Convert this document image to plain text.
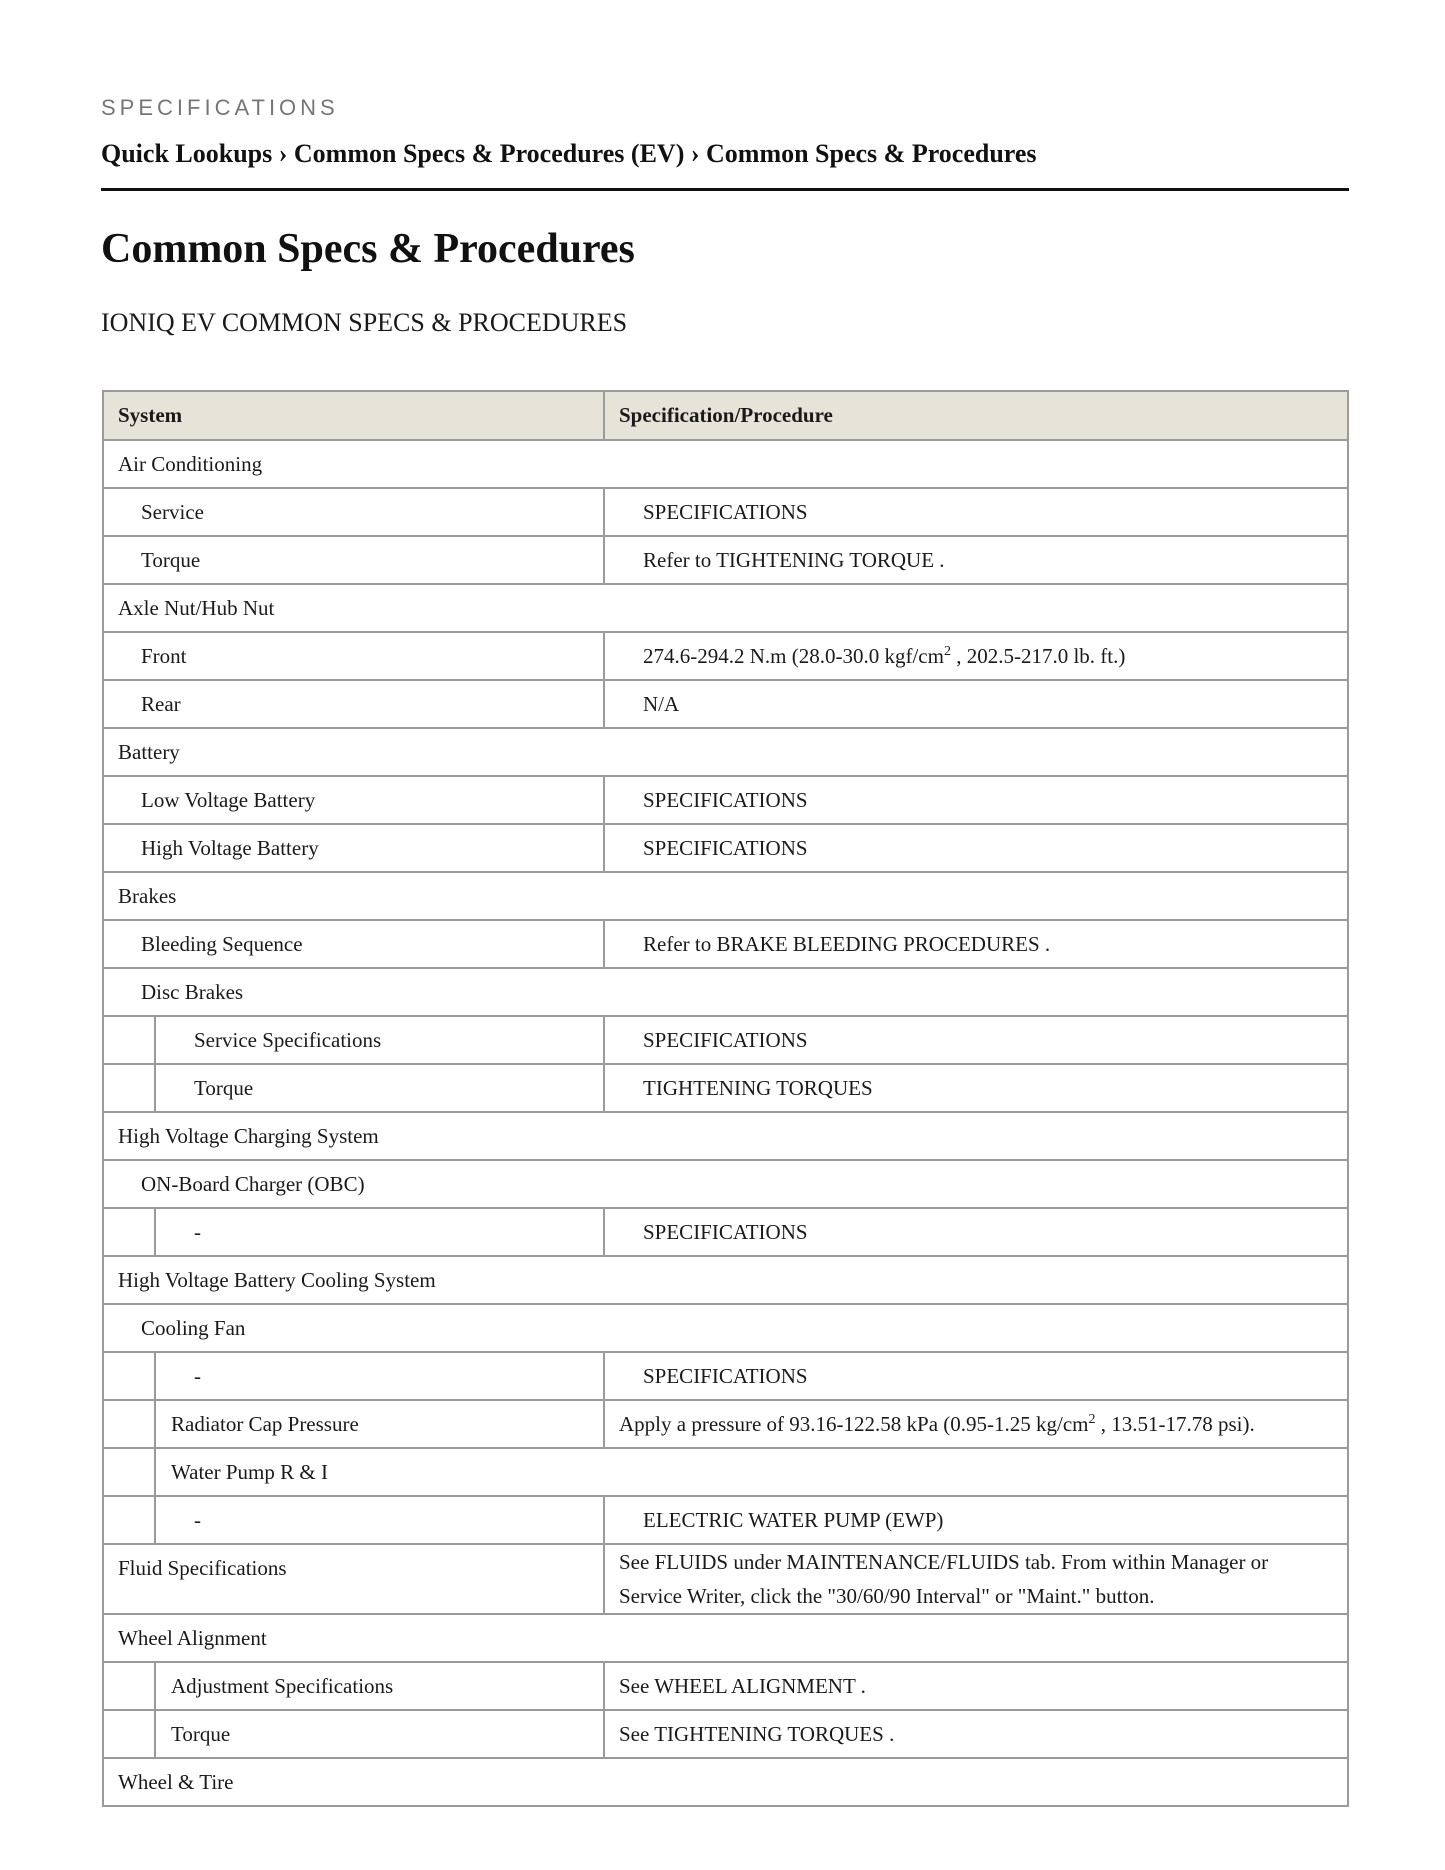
SPECIFICATIONS
Quick Lookups › Common Specs & Procedures (EV) › Common Specs & Procedures
Common Specs & Procedures
IONIQ EV COMMON SPECS & PROCEDURES
System		Specification/Procedure
Air Conditioning		
Service		SPECIFICATIONS
Torque		Refer to TIGHTENING TORQUE .
Axle Nut/Hub Nut		
Front		274.6-294.2 N.m (28.0-30.0 kgf/$cm^2$ , 202.5-217.0 lb. ft.)
Rear		N/A
Battery		
Low Voltage Battery		SPECIFICATIONS
High Voltage Battery		SPECIFICATIONS
Brakes		
Bleeding Sequence		Refer to BRAKE BLEEDING PROCEDURES .
Disc Brakes		
	Service Specifications	SPECIFICATIONS
	Torque	TIGHTENING TORQUES
High Voltage Charging System		
ON-Board Charger (OBC)		
	-	SPECIFICATIONS
High Voltage Battery Cooling System		
Cooling Fan		
	-	SPECIFICATIONS
	Radiator Cap Pressure	Apply a pressure of 93.16-122.58 kPa (0.95-1.25 $kg/cm^2$ , 13.51-17.78 psi).
	Water Pump R & I	
	-	ELECTRIC WATER PUMP (EWP)
Fluid Specifications		See FLUIDS under MAINTENANCE/FLUIDS tab. From within Manager or Service Writer, click the "30/60/90 Interval" or "Maint." button.
Wheel Alignment		
	Adjustment Specifications	See WHEEL ALIGNMENT .
	Torque	See TIGHTENING TORQUES .
Wheel & Tire		
